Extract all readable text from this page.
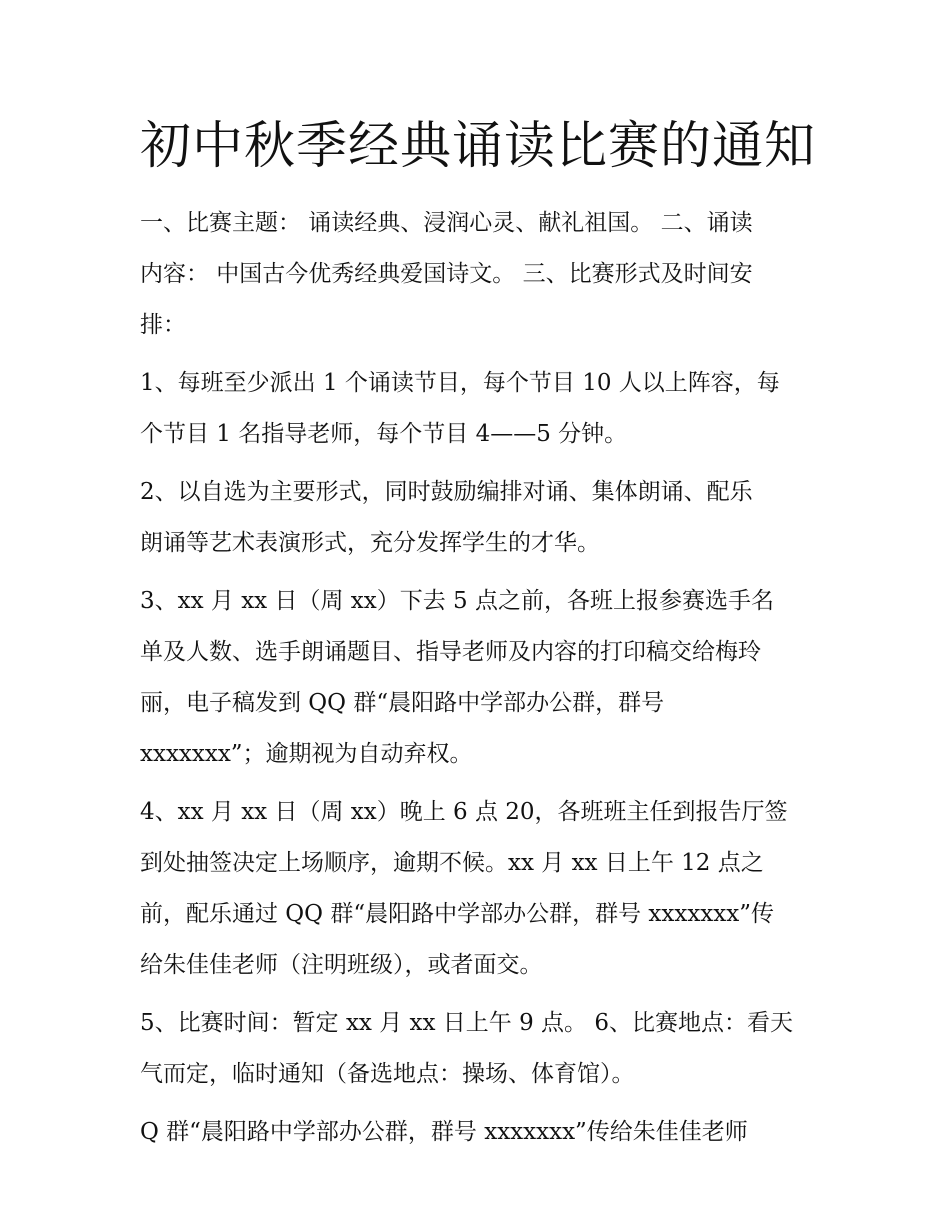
初中秋季经典诵读比赛的通知
一、比赛主题： 诵读经典、浸润心灵、献礼祖国。 二、诵读
内容： 中国古今优秀经典爱国诗文。 三、比赛形式及时间安
排：
1、每班至少派出 1 个诵读节目，每个节目 10 人以上阵容，每
个节目 1 名指导老师，每个节目 4——5 分钟。
2、以自选为主要形式，同时鼓励编排对诵、集体朗诵、配乐
朗诵等艺术表演形式，充分发挥学生的才华。
3、xx 月 xx 日（周 xx）下去 5 点之前，各班上报参赛选手名
单及人数、选手朗诵题目、指导老师及内容的打印稿交给梅玲
丽，电子稿发到 QQ 群“晨阳路中学部办公群，群号
xxxxxxx”；逾期视为自动弃权。
4、xx 月 xx 日（周 xx）晚上 6 点 20，各班班主任到报告厅签
到处抽签决定上场顺序，逾期不候。xx 月 xx 日上午 12 点之
前，配乐通过 QQ 群“晨阳路中学部办公群，群号 xxxxxxx”传
给朱佳佳老师（注明班级），或者面交。
5、比赛时间：暂定 xx 月 xx 日上午 9 点。 6、比赛地点：看天
气而定，临时通知（备选地点：操场、体育馆）。
Q 群“晨阳路中学部办公群，群号 xxxxxxx”传给朱佳佳老师
